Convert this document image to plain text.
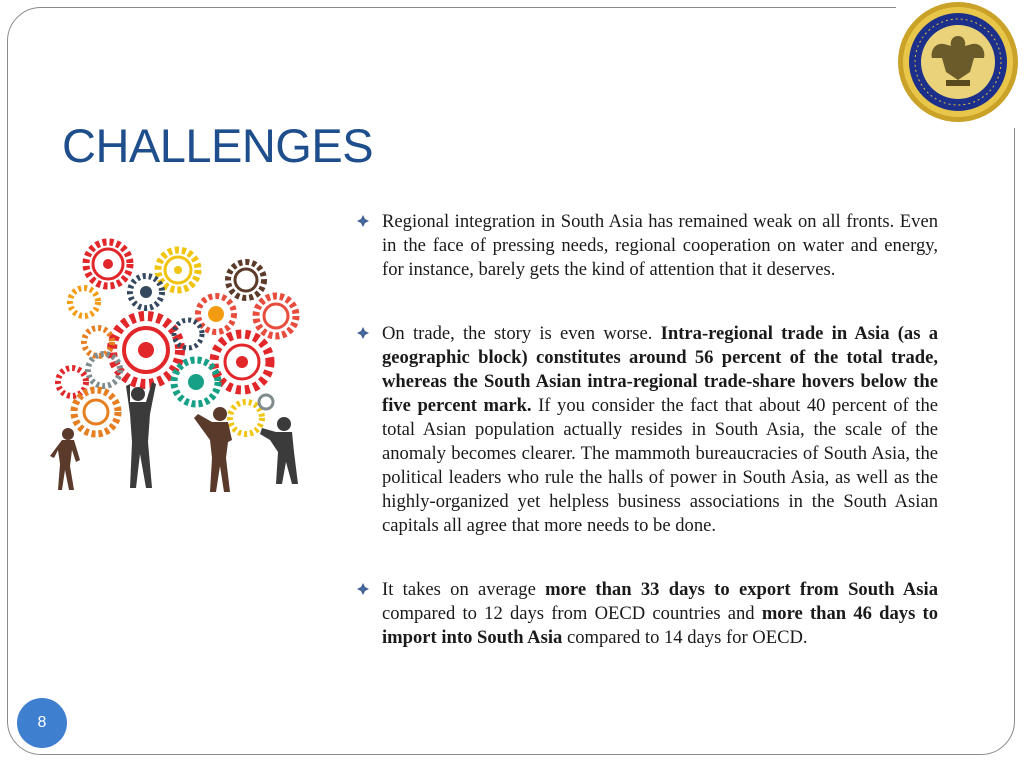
CHALLENGES
Regional integration in South Asia has remained weak on all fronts. Even in the face of pressing needs, regional cooperation on water and energy, for instance, barely gets the kind of attention that it deserves.
On trade, the story is even worse. Intra-regional trade in Asia (as a geographic block) constitutes around 56 percent of the total trade, whereas the South Asian intra-regional trade-share hovers below the five percent mark. If you consider the fact that about 40 percent of the total Asian population actually resides in South Asia, the scale of the anomaly becomes clearer. The mammoth bureaucracies of South Asia, the political leaders who rule the halls of power in South Asia, as well as the highly-organized yet helpless business associations in the South Asian capitals all agree that more needs to be done.
It takes on average more than 33 days to export from South Asia compared to 12 days from OECD countries and more than 46 days to import into South Asia compared to 14 days for OECD.
8
